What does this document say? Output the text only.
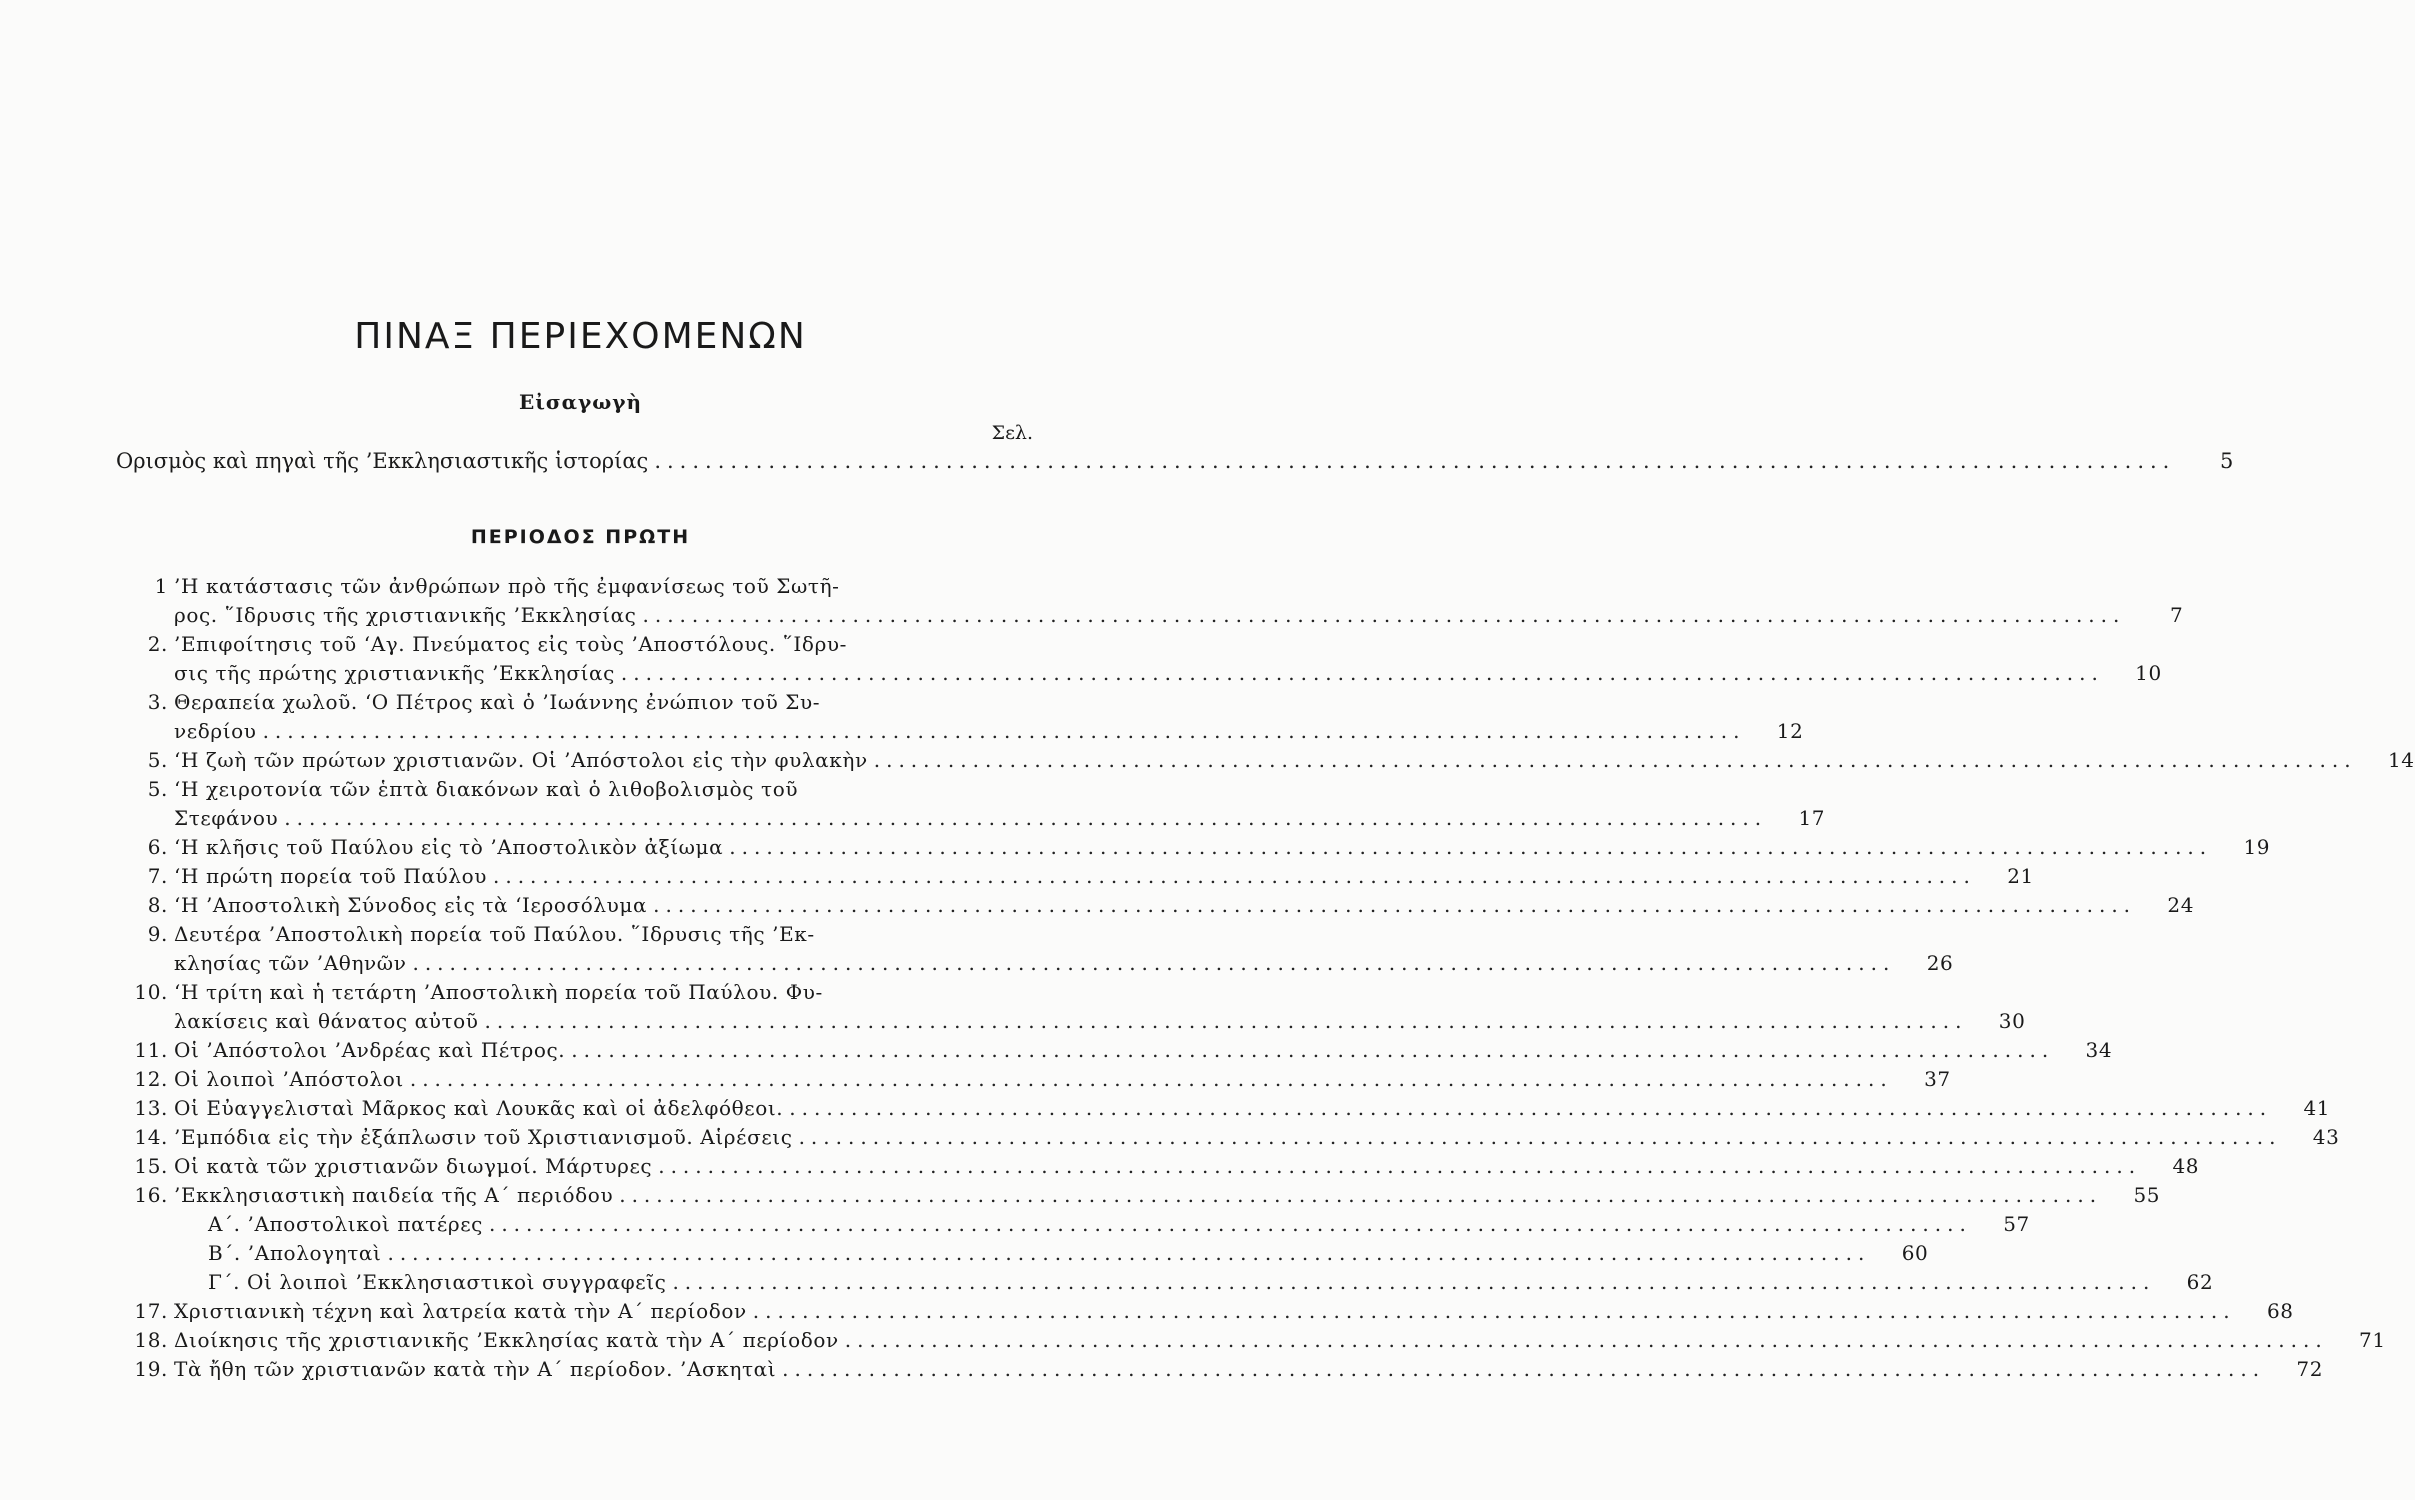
ΠΙΝΑΞ ΠΕΡΙΕΧΟΜΕΝΩΝ
Εἰσαγωγὴ
Σελ.
Ορισμὸς καὶ πηγαὶ τῆς ’Εκκλησιαστικῆς ἱστορίας ........................................................................................................................	5
ΠΕΡΙΟΔΟΣ ΠΡΩΤΗ
1 ’Η κατάστασις τῶν ἀνθρώπων πρὸ τῆς ἐμφανίσεως τοῦ Σωτῆ-
ρος. ῞Ιδρυσις τῆς χριστιανικῆς ’Εκκλησίας ........................................................................................................................	7
2. ’Επιφοίτησις τοῦ ‘Αγ. Πνεύματος εἰς τοὺς ’Αποστόλους. ῞Ιδρυ-
σις τῆς πρώτης χριστιανικῆς ’Εκκλησίας ........................................................................................................................	10
3. Θεραπεία χωλοῦ. ‘Ο Πέτρος καὶ ὁ ’Ιωάννης ἐνώπιον τοῦ Συ-
νεδρίου ........................................................................................................................	12
5. ‘Η ζωὴ τῶν πρώτων χριστιανῶν. Οἱ ’Απόστολοι εἰς τὴν φυλακὴν ........................................................................................................................	14
5. ‘Η χειροτονία τῶν ἑπτὰ διακόνων καὶ ὁ λιθοβολισμὸς τοῦ
Στεφάνου ........................................................................................................................	17
6. ‘Η κλῆσις τοῦ Παύλου εἰς τὸ ’Αποστολικὸν ἀξίωμα ........................................................................................................................	19
7. ‘Η πρώτη πορεία τοῦ Παύλου ........................................................................................................................	21
8. ‘Η ’Αποστολικὴ Σύνοδος εἰς τὰ ‘Ιεροσόλυμα ........................................................................................................................	24
9. Δευτέρα ’Αποστολικὴ πορεία τοῦ Παύλου. ῞Ιδρυσις τῆς ’Εκ-
κλησίας τῶν ’Αθηνῶν ........................................................................................................................	26
10. ‘Η τρίτη καὶ ἡ τετάρτη ’Αποστολικὴ πορεία τοῦ Παύλου. Φυ-
λακίσεις καὶ θάνατος αὐτοῦ ........................................................................................................................	30
11. Οἱ ’Απόστολοι ’Ανδρέας καὶ Πέτρος. ........................................................................................................................	34
12. Οἱ λοιποὶ ’Απόστολοι ........................................................................................................................	37
13. Οἱ Εὐαγγελισταὶ Μᾶρκος καὶ Λουκᾶς καὶ οἱ ἀδελφόθεοι. ........................................................................................................................	41
14. ’Εμπόδια εἰς τὴν ἐξάπλωσιν τοῦ Χριστιανισμοῦ. Αἱρέσεις ........................................................................................................................	43
15. Οἱ κατὰ τῶν χριστιανῶν διωγμοί. Μάρτυρες ........................................................................................................................	48
16. ’Εκκλησιαστικὴ παιδεία τῆς Α΄ περιόδου ........................................................................................................................	55
Α΄. ’Αποστολικοὶ πατέρες ........................................................................................................................	57
Β΄. ’Απολογηταὶ ........................................................................................................................	60
Γ΄. Οἱ λοιποὶ ’Εκκλησιαστικοὶ συγγραφεῖς ........................................................................................................................	62
17. Χριστιανικὴ τέχνη καὶ λατρεία κατὰ τὴν Α΄ περίοδον ........................................................................................................................	68
18. Διοίκησις τῆς χριστιανικῆς ’Εκκλησίας κατὰ τὴν Α΄ περίοδον ........................................................................................................................	71
19. Τὰ ἤθη τῶν χριστιανῶν κατὰ τὴν Α΄ περίοδον. ’Ασκηταὶ ........................................................................................................................	72
